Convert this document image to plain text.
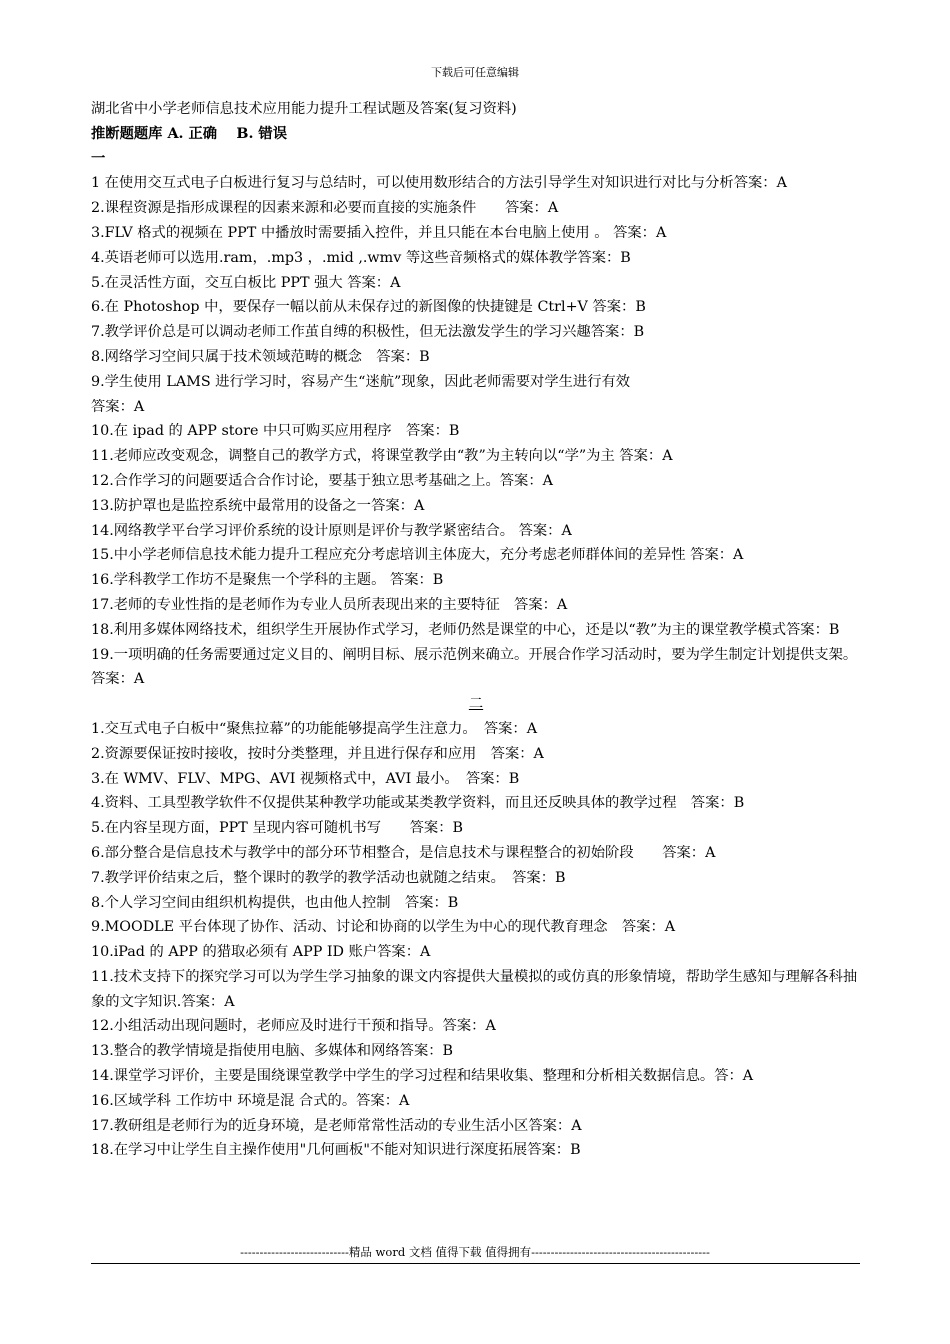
下载后可任意编辑
湖北省中小学老师信息技术应用能力提升工程试题及答案(复习资料)
推断题题库 A. 正确　 B. 错误
一
1 在使用交互式电子白板进行复习与总结时，可以使用数形结合的方法引导学生对知识进行对比与分析答案：A
2.课程资源是指形成课程的因素来源和必要而直接的实施条件　　答案：A
3.FLV 格式的视频在 PPT 中播放时需要插入控件，并且只能在本台电脑上使用 。 答案：A
4.英语老师可以选用.ram，.mp3 ，.mid ,.wmv 等这些音频格式的媒体教学答案：B
5.在灵活性方面，交互白板比 PPT 强大 答案：A
6.在 Photoshop 中，要保存一幅以前从未保存过的新图像的快捷键是 Ctrl+V 答案：B
7.教学评价总是可以调动老师工作茧自缚的积极性，但无法激发学生的学习兴趣答案：B
8.网络学习空间只属于技术领域范畴的概念　答案：B
9.学生使用 LAMS 进行学习时，容易产生“迷航”现象，因此老师需要对学生进行有效
答案：A
10.在 ipad 的 APP store 中只可购买应用程序　答案：B
11.老师应改变观念，调整自己的教学方式，将课堂教学由“教”为主转向以“学”为主 答案：A
12.合作学习的问题要适合合作讨论，要基于独立思考基础之上。答案：A
13.防护罩也是监控系统中最常用的设备之一答案：A
14.网络教学平台学习评价系统的设计原则是评价与教学紧密结合。 答案：A
15.中小学老师信息技术能力提升工程应充分考虑培训主体庞大，充分考虑老师群体间的差异性 答案：A
16.学科教学工作坊不是聚焦一个学科的主题。 答案：B
17.老师的专业性指的是老师作为专业人员所表现出来的主要特征　答案：A
18.利用多媒体网络技术，组织学生开展协作式学习，老师仍然是课堂的中心，还是以“教”为主的课堂教学模式答案：B
19.一项明确的任务需要通过定义目的、阐明目标、展示范例来确立。开展合作学习活动时，要为学生制定计划提供支架。　答案：A
二
1.交互式电子白板中“聚焦拉幕”的功能能够提高学生注意力。　答案：A
2.资源要保证按时接收，按时分类整理，并且进行保存和应用　答案：A
3.在 WMV、FLV、MPG、AVI 视频格式中，AVI 最小。　答案：B
4.资料、工具型教学软件不仅提供某种教学功能或某类教学资料，而且还反映具体的教学过程　答案：B
5.在内容呈现方面，PPT 呈现内容可随机书写　　答案：B
6.部分整合是信息技术与教学中的部分环节相整合，是信息技术与课程整合的初始阶段　　答案：A
7.教学评价结束之后，整个课时的教学的教学活动也就随之结束。　答案：B
8.个人学习空间由组织机构提供，也由他人控制　答案：B
9.MOODLE 平台体现了协作、活动、讨论和协商的以学生为中心的现代教育理念　答案：A
10.iPad 的 APP 的猎取必须有 APP ID 账户答案：A
11.技术支持下的探究学习可以为学生学习抽象的课文内容提供大量模拟的或仿真的形象情境，帮助学生感知与理解各科抽象的文字知识.答案：A
12.小组活动出现问题时，老师应及时进行干预和指导。答案：A
13.整合的教学情境是指使用电脑、多媒体和网络答案：B
14.课堂学习评价，主要是围绕课堂教学中学生的学习过程和结果收集、整理和分析相关数据信息。答：A
16.区域学科 工作坊中 环境是混 合式的。答案：A
17.教研组是老师行为的近身环境，是老师常常性活动的专业生活小区答案：A
18.在学习中让学生自主操作使用"几何画板"不能对知识进行深度拓展答案：B
----------------------------精品 word 文档 值得下载 值得拥有----------------------------------------------
